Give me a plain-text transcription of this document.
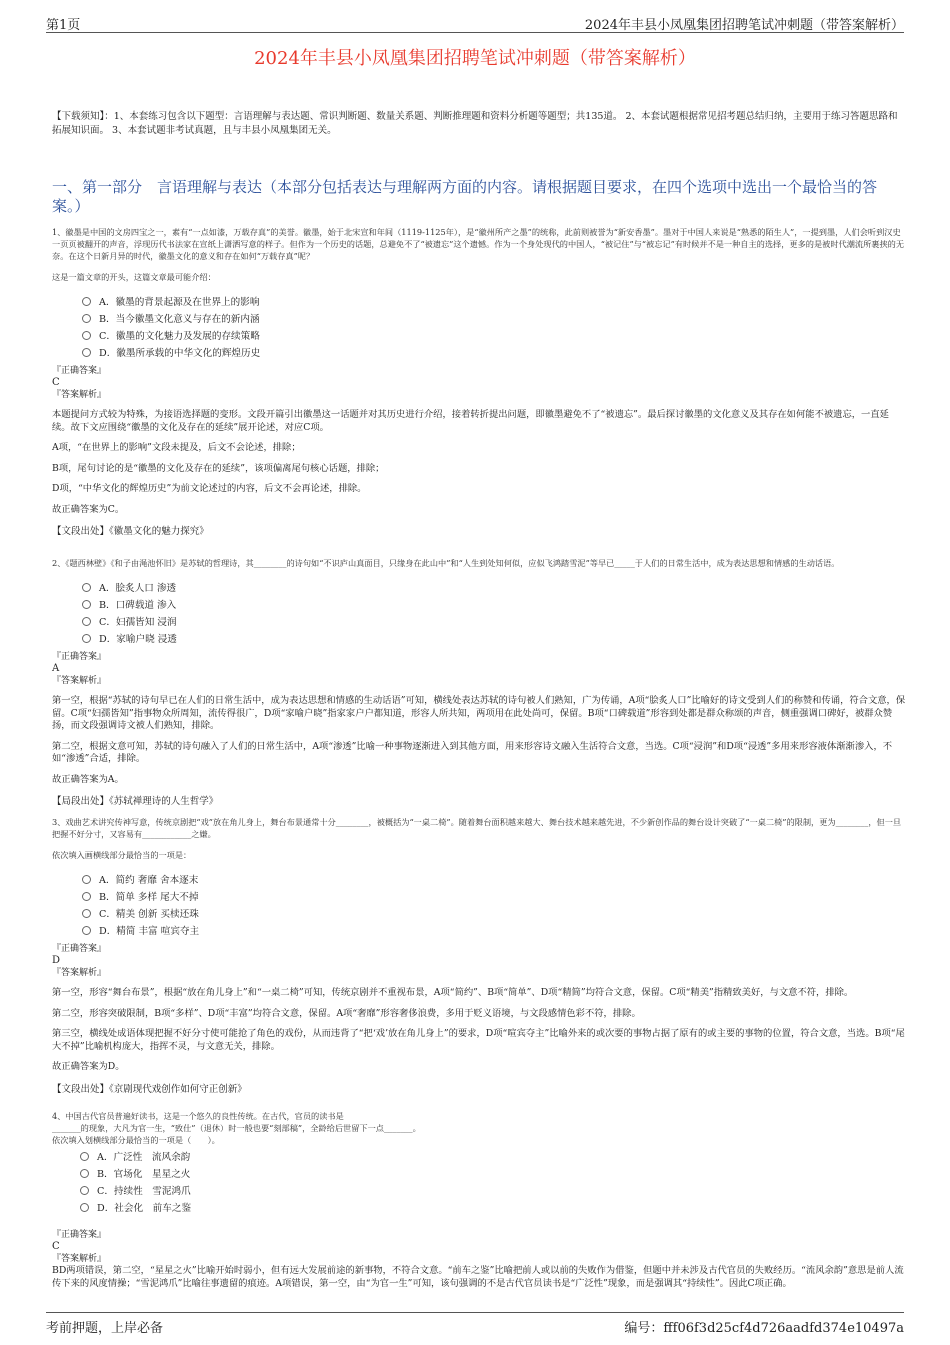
第1页	2024年丰县小凤凰集团招聘笔试冲刺题（带答案解析）
2024年丰县小凤凰集团招聘笔试冲刺题（带答案解析）
【下载须知】：1、本套练习包含以下题型：言语理解与表达题、常识判断题、数量关系题、判断推理题和资料分析题等题型；共135道。 2、本套试题根据常见招考题总结归纳，主要用于练习答题思路和拓展知识面。 3、本套试题非考试真题，且与丰县小凤凰集团无关。
一、第一部分　言语理解与表达（本部分包括表达与理解两方面的内容。请根据题目要求，在四个选项中选出一个最恰当的答案。）

1、徽墨是中国的文房四宝之一，素有“一点如漆，万载存真”的美誉。徽墨，始于北宋宣和年间（1119-1125年），是“徽州所产之墨”的统称，此前则被誉为“新安香墨”。墨对于中国人来说是“熟悉的陌生人”，一提到墨，人们会听到汉史一页页被翻开的声音，浮现历代书法家在宣纸上潇洒写意的样子。但作为一个历史的话题，总避免不了“被遗忘”这个遗憾。作为一个身处现代的中国人，“被记住”与“被忘记”有时候并不是一种自主的选择，更多的是被时代潮流所裹挟的无奈。在这个日新月异的时代，徽墨文化的意义和存在如何“万载存真”呢？

这是一篇文章的开头，这篇文章最可能介绍：

A．徽墨的背景起源及在世界上的影响
B．当今徽墨文化意义与存在的新内涵
C．徽墨的文化魅力及发展的存续策略
D．徽墨所承载的中华文化的辉煌历史

『正确答案』

C

『答案解析』

本题提问方式较为特殊，为接语选择题的变形。文段开篇引出徽墨这一话题并对其历史进行介绍，接着转折提出问题，即徽墨避免不了“被遗忘”。最后探讨徽墨的文化意义及其存在如何能不被遗忘，一直延续。故下文应围绕“徽墨的文化及存在的延续”展开论述，对应C项。

A项，“在世界上的影响”文段未提及，后文不会论述，排除；

B项，尾句讨论的是“徽墨的文化及存在的延续”，该项偏离尾句核心话题，排除；

D项，“中华文化的辉煌历史”为前文论述过的内容，后文不会再论述，排除。

故正确答案为C。

【文段出处】《徽墨文化的魅力探究》

2、《题西林壁》《和子由渑池怀旧》是苏轼的哲理诗，其________的诗句如“不识庐山真面目，只缘身在此山中”和“人生到处知何似，应似飞鸿踏雪泥”等早已_____于人们的日常生活中，成为表达思想和情感的生动话语。

A．脍炙人口 渗透
B．口碑载道 渗入
C．妇孺皆知 浸润
D．家喻户晓 浸透

『正确答案』

A

『答案解析』

第一空，根据“苏轼的诗句早已在人们的日常生活中，成为表达思想和情感的生动话语”可知，横线处表达苏轼的诗句被人们熟知，广为传诵，A项“脍炙人口”比喻好的诗文受到人们的称赞和传诵，符合文意，保留。C项“妇孺皆知”指事物众所周知，流传得很广，D项“家喻户晓”指家家户户都知道，形容人所共知，两项用在此处尚可，保留。B项“口碑载道”形容到处都是群众称颂的声音，侧重强调口碑好，被群众赞扬，而文段强调诗文被人们熟知，排除。

第二空，根据文意可知，苏轼的诗句融入了人们的日常生活中，A项“渗透”比喻一种事物逐渐进入到其他方面，用来形容诗文融入生活符合文意，当选。C项“浸润”和D项“浸透”多用来形容液体渐渐渗入，不如“渗透”合适，排除。

故正确答案为A。

【局段出处】《苏轼禅理诗的人生哲学》

3、戏曲艺术讲究传神写意，传统京剧把“戏”放在角儿身上，舞台布景通常十分________，被概括为“一桌二椅”。随着舞台面积越来越大、舞台技术越来越先进，不少新创作品的舞台设计突破了“一桌二椅”的限制，更为________，但一旦把握不好分寸，又容易有____________之嫌。

依次填入画横线部分最恰当的一项是：

A．简约 奢靡 舍本逐末
B．简单 多样 尾大不掉
C．精美 创新 买椟还珠
D．精简 丰富 喧宾夺主

『正确答案』

D

『答案解析』

第一空，形容“舞台布景”，根据“放在角儿身上”和“一桌二椅”可知，传统京剧并不重视布景，A项“简约”、B项“简单”、D项“精简”均符合文意，保留。C项“精美”指精致美好，与文意不符，排除。

第二空，形容突破限制，B项“多样”、D项“丰富”均符合文意，保留。A项“奢靡”形容奢侈浪费，多用于贬义语境，与文段感情色彩不符，排除。

第三空，横线处成语体现把握不好分寸使可能抢了角色的戏份，从而违背了“把‘戏’放在角儿身上”的要求，D项“喧宾夺主”比喻外来的或次要的事物占据了原有的或主要的事物的位置，符合文意，当选。B项“尾大不掉”比喻机构庞大，指挥不灵，与文意无关，排除。

故正确答案为D。

【文段出处】《京剧现代戏创作如何守正创新》

4、中国古代官员普遍好读书，这是一个悠久的良性传统。在古代，官员的读书是

_______的现象，大凡为官一生，“致仕”（退休）时一般也要“刻部稿”，全龄给后世留下一点_______。

依次填入划横线部分最恰当的一项是（　　）。

A．广泛性　流风余韵
B．官场化　星星之火
C．持续性　雪泥鸿爪
D．社会化　前车之鉴

『正确答案』

C

『答案解析』

BD两项错误，第二空，“星星之火”比喻开始时弱小，但有远大发展前途的新事物，不符合文意。“前车之鉴”比喻把前人或以前的失败作为借鉴，但题中并未涉及古代官员的失败经历。“流风余韵”意思是前人流传下来的风度情操；“雪泥鸿爪”比喻往事遗留的痕迹。A项错误，第一空，由“为官一生”可知，该句强调的不是古代官员读书是“广泛性”现象，而是强调其“持续性”。因此C项正确。

考前押题，上岸必备	编号：fff06f3d25cf4d726aadfd374e10497a
